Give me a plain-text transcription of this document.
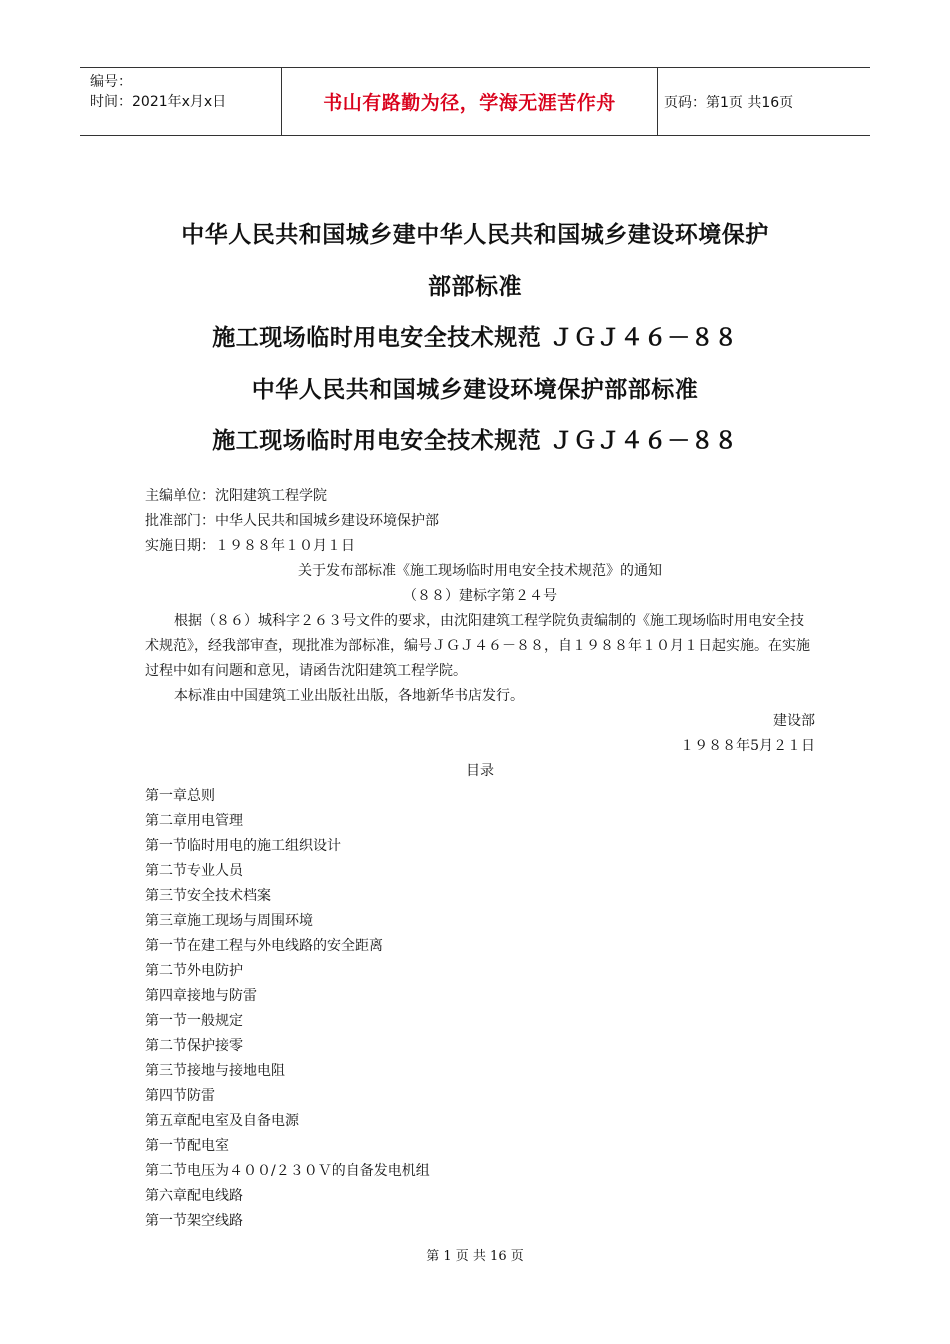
编号：
时间：2021年x月x日	书山有路勤为径，学海无涯苦作舟	页码：第1页 共16页
中华人民共和国城乡建中华人民共和国城乡建设环境保护
部部标准
施工现场临时用电安全技术规范 ＪＧＪ４６－８８
中华人民共和国城乡建设环境保护部部标准
施工现场临时用电安全技术规范 ＪＧＪ４６－８８
主编单位：沈阳建筑工程学院
批准部门：中华人民共和国城乡建设环境保护部
实施日期：１９８８年１０月１日
关于发布部标准《施工现场临时用电安全技术规范》的通知
（８８）建标字第２４号

根据（８６）城科字２６３号文件的要求，由沈阳建筑工程学院负责编制的《施工现场临时用电安全技术规范》，经我部审查，现批准为部标准，编号ＪＧＪ４６－８８，自１９８８年１０月１日起实施。在实施过程中如有问题和意见，请函告沈阳建筑工程学院。

本标准由中国建筑工业出版社出版，各地新华书店发行。

建设部
１９８８年5月２１日
目录
第一章总则
第二章用电管理
第一节临时用电的施工组织设计
第二节专业人员
第三节安全技术档案
第三章施工现场与周围环境
第一节在建工程与外电线路的安全距离
第二节外电防护
第四章接地与防雷
第一节一般规定
第二节保护接零
第三节接地与接地电阻
第四节防雷
第五章配电室及自备电源
第一节配电室
第二节电压为４００/２３０Ｖ的自备发电机组
第六章配电线路
第一节架空线路
第 1 页 共 16 页
